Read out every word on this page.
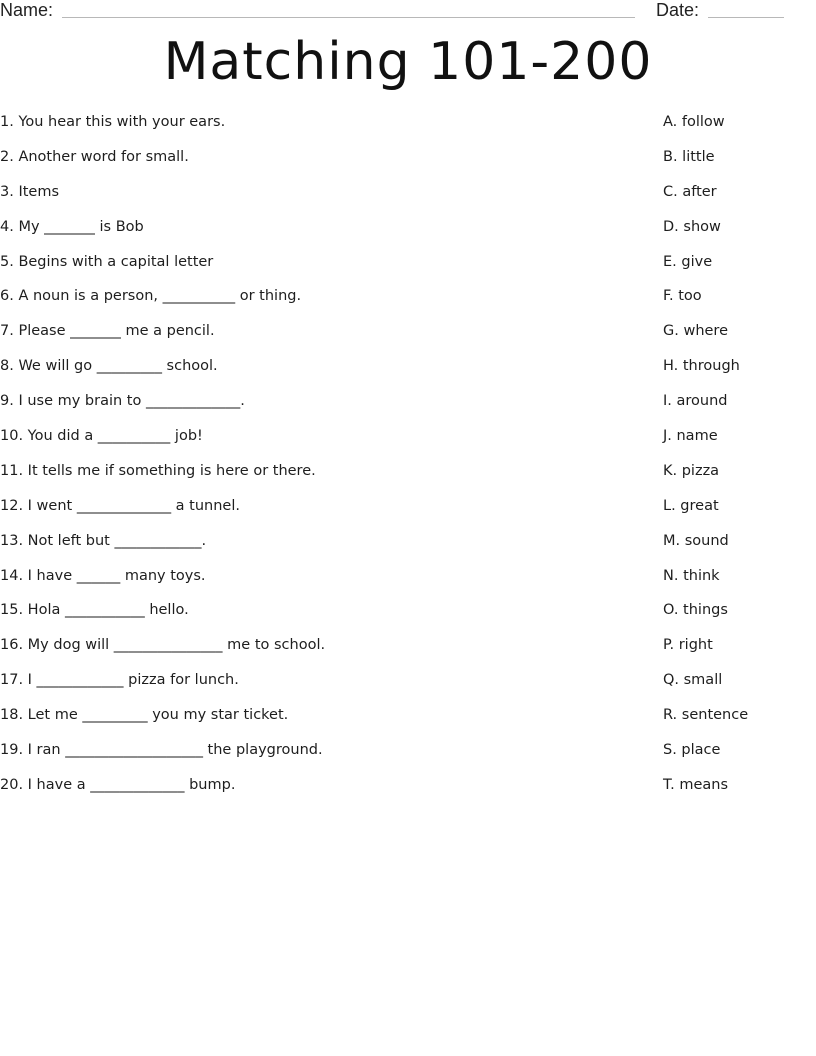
Name:	Date:
Matching 101-200
1. You hear this with your ears.
2. Another word for small.
3. Items
4. My _______ is Bob
5. Begins with a capital letter
6. A noun is a person, __________ or thing.
7. Please _______ me a pencil.
8. We will go _________ school.
9. I use my brain to _____________.
10. You did a __________ job!
11. It tells me if something is here or there.
12. I went _____________ a tunnel.
13. Not left but ____________.
14. I have ______ many toys.
15. Hola ___________ hello.
16. My dog will _______________ me to school.
17. I ____________ pizza for lunch.
18. Let me _________ you my star ticket.
19. I ran ___________________ the playground.
20. I have a _____________ bump.
A. follow
B. little
C. after
D. show
E. give
F. too
G. where
H. through
I. around
J. name
K. pizza
L. great
M. sound
N. think
O. things
P. right
Q. small
R. sentence
S. place
T. means
